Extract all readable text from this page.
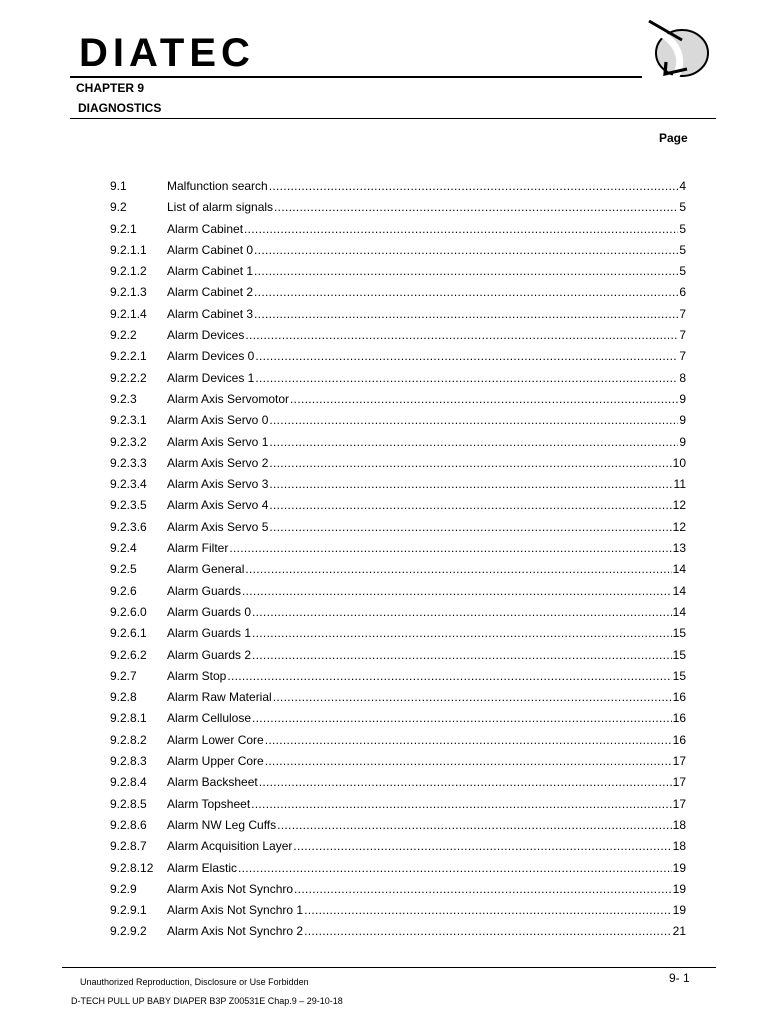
DIATEC
CHAPTER 9
DIAGNOSTICS
Page
9.1	Malfunction search .....	4
9.2	List of alarm signals .....	5
9.2.1	Alarm Cabinet .....	5
9.2.1.1	Alarm Cabinet 0 .....	5
9.2.1.2	Alarm Cabinet 1 .....	5
9.2.1.3	Alarm Cabinet 2 .....	6
9.2.1.4	Alarm Cabinet 3 .....	7
9.2.2	Alarm Devices .....	7
9.2.2.1	Alarm Devices 0 .....	7
9.2.2.2	Alarm Devices 1 .....	8
9.2.3	Alarm Axis Servomotor .....	9
9.2.3.1	Alarm Axis Servo 0 .....	9
9.2.3.2	Alarm Axis Servo 1 .....	9
9.2.3.3	Alarm Axis Servo 2 .....	10
9.2.3.4	Alarm Axis Servo 3 .....	11
9.2.3.5	Alarm Axis Servo 4 .....	12
9.2.3.6	Alarm Axis Servo 5 .....	12
9.2.4	Alarm Filter .....	13
9.2.5	Alarm General .....	14
9.2.6	Alarm Guards .....	14
9.2.6.0	Alarm Guards 0 .....	14
9.2.6.1	Alarm Guards 1 .....	15
9.2.6.2	Alarm Guards 2 .....	15
9.2.7	Alarm Stop .....	15
9.2.8	Alarm Raw Material .....	16
9.2.8.1	Alarm Cellulose .....	16
9.2.8.2	Alarm Lower Core .....	16
9.2.8.3	Alarm Upper Core .....	17
9.2.8.4	Alarm Backsheet .....	17
9.2.8.5	Alarm Topsheet .....	17
9.2.8.6	Alarm NW Leg Cuffs .....	18
9.2.8.7	Alarm Acquisition Layer .....	18
9.2.8.12	Alarm Elastic .....	19
9.2.9	Alarm Axis Not Synchro .....	19
9.2.9.1	Alarm Axis Not Synchro 1 .....	19
9.2.9.2	Alarm Axis Not Synchro 2 .....	21
Unauthorized Reproduction, Disclosure or Use Forbidden	9- 1
D-TECH PULL UP BABY DIAPER B3P Z00531E Chap.9 – 29-10-18
